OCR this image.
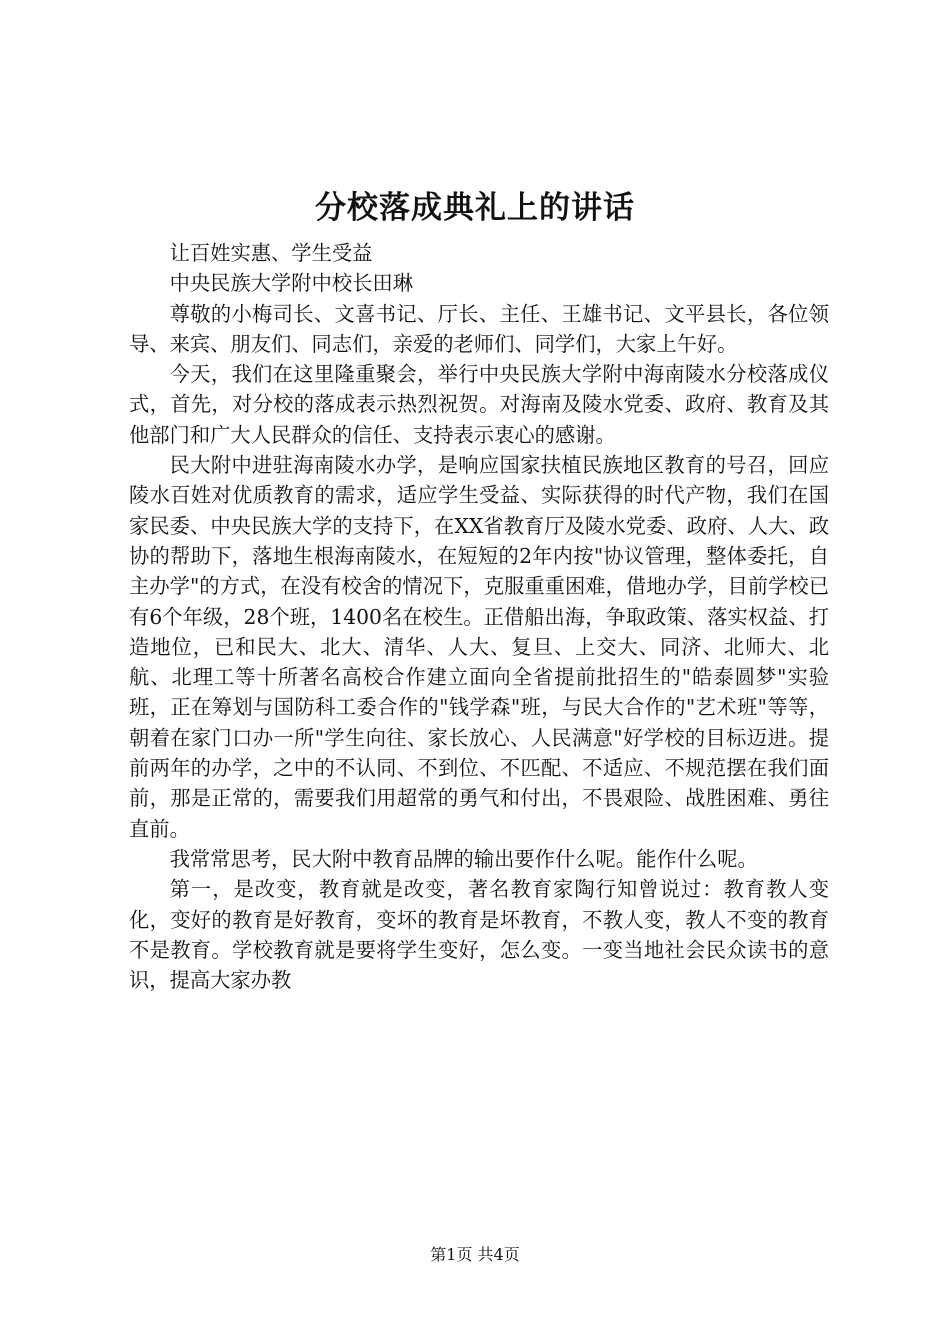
分校落成典礼上的讲话

让百姓实惠、学生受益

中央民族大学附中校长田琳

尊敬的小梅司长、文喜书记、厅长、主任、王雄书记、文平县长，各位领导、来宾、朋友们、同志们，亲爱的老师们、同学们，大家上午好。

今天，我们在这里隆重聚会，举行中央民族大学附中海南陵水分校落成仪式，首先，对分校的落成表示热烈祝贺。对海南及陵水党委、政府、教育及其他部门和广大人民群众的信任、支持表示衷心的感谢。

民大附中进驻海南陵水办学，是响应国家扶植民族地区教育的号召，回应陵水百姓对优质教育的需求，适应学生受益、实际获得的时代产物，我们在国家民委、中央民族大学的支持下，在XX省教育厅及陵水党委、政府、人大、政协的帮助下，落地生根海南陵水，在短短的2年内按"协议管理，整体委托，自主办学"的方式，在没有校舍的情况下，克服重重困难，借地办学，目前学校已有6个年级，28个班，1400名在校生。正借船出海，争取政策、落实权益、打造地位，已和民大、北大、清华、人大、复旦、上交大、同济、北师大、北航、北理工等十所著名高校合作建立面向全省提前批招生的"皓泰圆梦"实验班，正在筹划与国防科工委合作的"钱学森"班，与民大合作的"艺术班"等等，朝着在家门口办一所"学生向往、家长放心、人民满意"好学校的目标迈进。提前两年的办学，之中的不认同、不到位、不匹配、不适应、不规范摆在我们面前，那是正常的，需要我们用超常的勇气和付出，不畏艰险、战胜困难、勇往直前。

我常常思考，民大附中教育品牌的输出要作什么呢。能作什么呢。

第一，是改变，教育就是改变，著名教育家陶行知曾说过：教育教人变化，变好的教育是好教育，变坏的教育是坏教育，不教人变，教人不变的教育不是教育。学校教育就是要将学生变好，怎么变。一变当地社会民众读书的意识，提高大家办教

第1页 共4页
